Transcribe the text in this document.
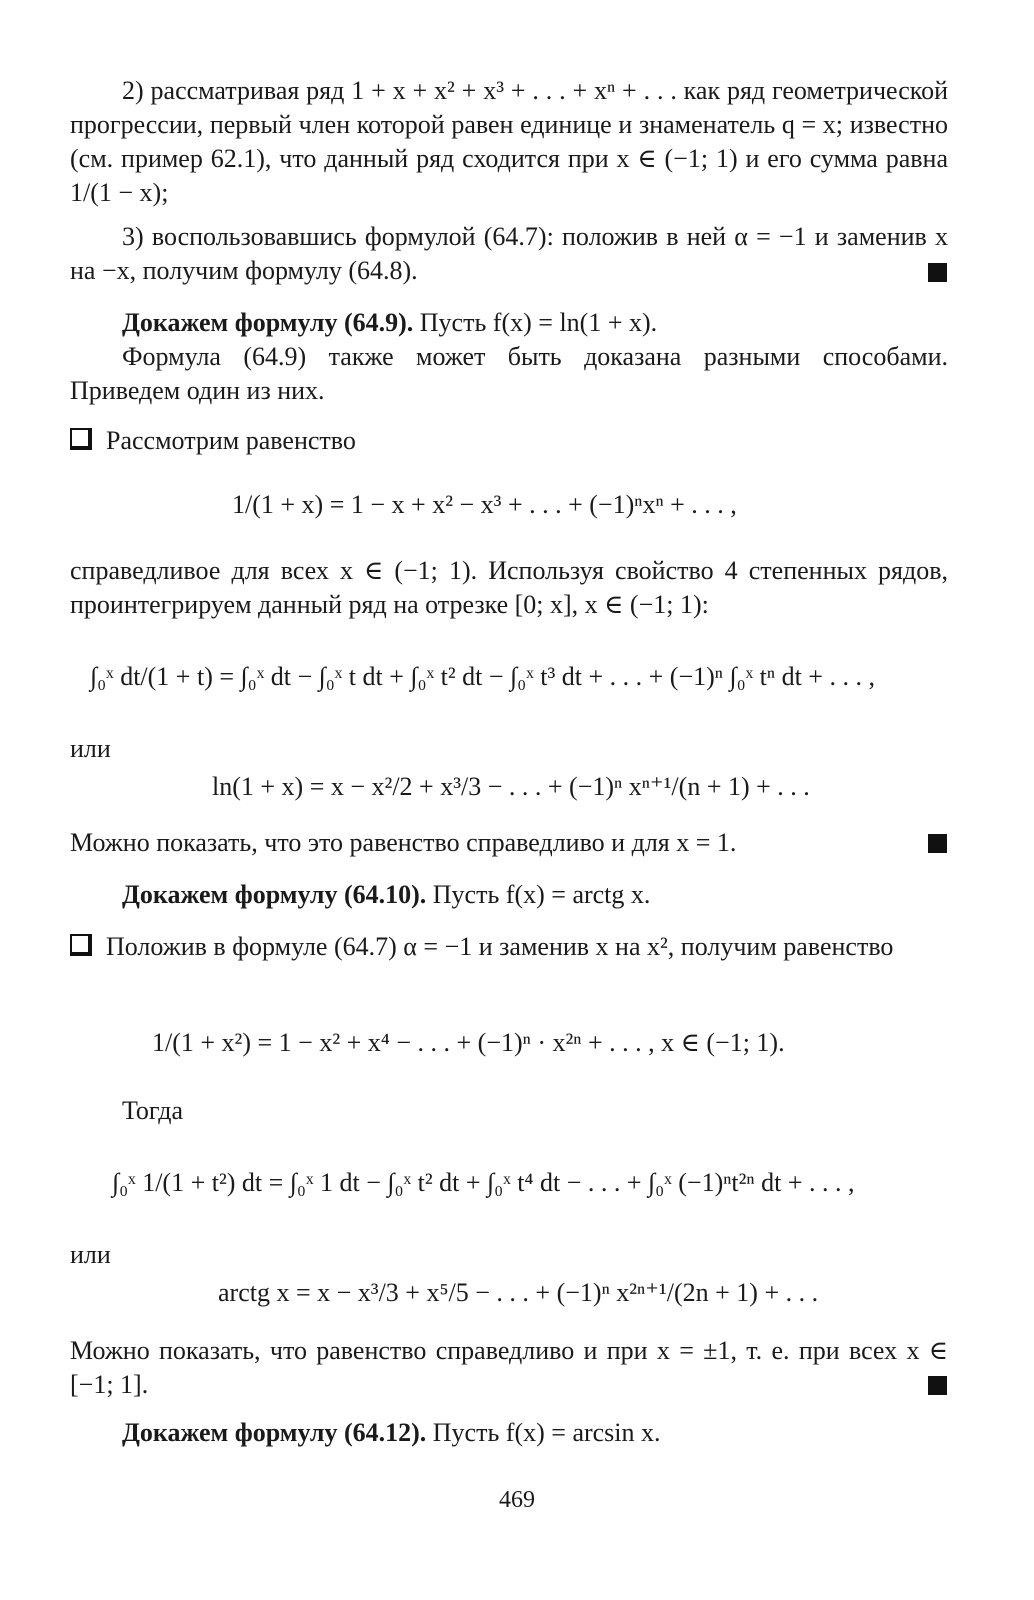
2) рассматривая ряд 1 + x + x² + x³ + . . . + xⁿ + . . . как ряд геометрической прогрессии, первый член которой равен единице и знаменатель q = x; известно (см. пример 62.1), что данный ряд сходится при x ∈ (−1; 1) и его сумма равна 1/(1 − x);

3) воспользовавшись формулой (64.7): положив в ней α = −1 и заменив x на −x, получим формулу (64.8).

Докажем формулу (64.9). Пусть f(x) = ln(1 + x).

Формула (64.9) также может быть доказана разными способами. Приведем один из них.

Рассмотрим равенство

1/(1 + x) = 1 − x + x² − x³ + . . . + (−1)ⁿxⁿ + . . . ,

справедливое для всех x ∈ (−1; 1). Используя свойство 4 степенных рядов, проинтегрируем данный ряд на отрезке [0; x], x ∈ (−1; 1):

∫₀ˣ dt/(1 + t) = ∫₀ˣ dt − ∫₀ˣ t dt + ∫₀ˣ t² dt − ∫₀ˣ t³ dt + . . . + (−1)ⁿ ∫₀ˣ tⁿ dt + . . . ,

или

ln(1 + x) = x − x²/2 + x³/3 − . . . + (−1)ⁿ xⁿ⁺¹/(n + 1) + . . .

Можно показать, что это равенство справедливо и для x = 1.

Докажем формулу (64.10). Пусть f(x) = arctg x.

Положив в формуле (64.7) α = −1 и заменив x на x², получим равенство

1/(1 + x²) = 1 − x² + x⁴ − . . . + (−1)ⁿ · x²ⁿ + . . . , x ∈ (−1; 1).

Тогда

∫₀ˣ 1/(1 + t²) dt = ∫₀ˣ 1 dt − ∫₀ˣ t² dt + ∫₀ˣ t⁴ dt − . . . + ∫₀ˣ (−1)ⁿt²ⁿ dt + . . . ,

или

arctg x = x − x³/3 + x⁵/5 − . . . + (−1)ⁿ x²ⁿ⁺¹/(2n + 1) + . . .

Можно показать, что равенство справедливо и при x = ±1, т. е. при всех x ∈ [−1; 1].

Докажем формулу (64.12). Пусть f(x) = arcsin x.

469
